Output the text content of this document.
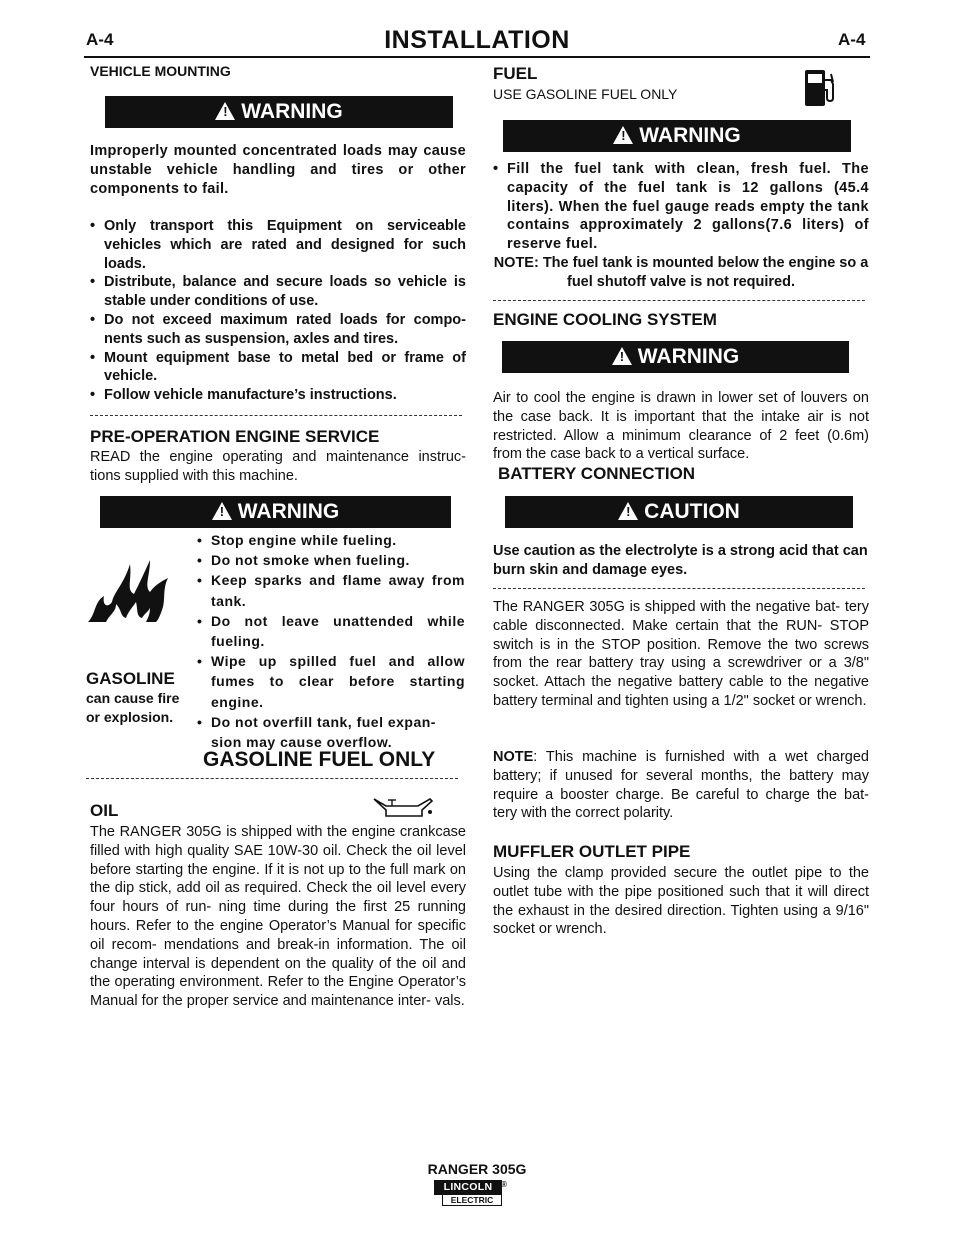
A-4	INSTALLATION	A-4
VEHICLE MOUNTING
!
WARNING
Improperly mounted concentrated loads may cause unstable vehicle handling and tires or other components to fail.
• Only transport this Equipment on serviceable vehicles which are rated and designed for such loads.
• Distribute, balance and secure loads so vehicle is stable under conditions of use.
• Do not exceed maximum rated loads for compo- nents such as suspension, axles and tires.
• Mount equipment base to metal bed or frame of vehicle.
• Follow vehicle manufacture’s instructions.
PRE-OPERATION ENGINE SERVICE
READ the engine operating and maintenance instruc- tions supplied with this machine.
!
WARNING
GASOLINE
can cause fire or explosion.
• Stop engine while fueling.
• Do not smoke when fueling.
• Keep sparks and flame away from tank.
• Do not leave unattended while fueling.
• Wipe up spilled fuel and allow fumes to clear before starting engine.
• Do not overfill tank, fuel expan- sion may cause overflow.
GASOLINE FUEL ONLY
OIL
The RANGER 305G is shipped with the engine crankcase filled with high quality SAE 10W-30 oil. Check the oil level before starting the engine. If it is not up to the full mark on the dip stick, add oil as required. Check the oil level every four hours of run- ning time during the first 25 running hours. Refer to the engine Operator’s Manual for specific oil recom- mendations and break-in information. The oil change interval is dependent on the quality of the oil and the operating environment. Refer to the Engine Operator’s Manual for the proper service and maintenance inter- vals.
FUEL
USE GASOLINE FUEL ONLY
!
WARNING
• Fill the fuel tank with clean, fresh fuel. The capacity of the fuel tank is 12 gallons (45.4 liters). When the fuel gauge reads empty the tank contains approximately 2 gallons(7.6 liters) of reserve fuel.
NOTE: The fuel tank is mounted below the engine so a fuel shutoff valve is not required.
ENGINE COOLING SYSTEM
!
WARNING
Air to cool the engine is drawn in lower set of louvers on the case back. It is important that the intake air is not restricted. Allow a minimum clearance of 2 feet (0.6m) from the case back to a vertical surface.
BATTERY CONNECTION
!
CAUTION
Use caution as the electrolyte is a strong acid that can burn skin and damage eyes.
The RANGER 305G is shipped with the negative bat- tery cable disconnected. Make certain that the RUN- STOP switch is in the STOP position. Remove the two screws from the rear battery tray using a screwdriver or a 3/8" socket. Attach the negative battery cable to the negative battery terminal and tighten using a 1/2" socket or wrench.
NOTE: This machine is furnished with a wet charged battery; if unused for several months, the battery may require a booster charge. Be careful to charge the bat- tery with the correct polarity.
MUFFLER OUTLET PIPE
Using the clamp provided secure the outlet pipe to the outlet tube with the pipe positioned such that it will direct the exhaust in the desired direction. Tighten using a 9/16" socket or wrench.
RANGER 305G
LINCOLN
ELECTRIC
®
